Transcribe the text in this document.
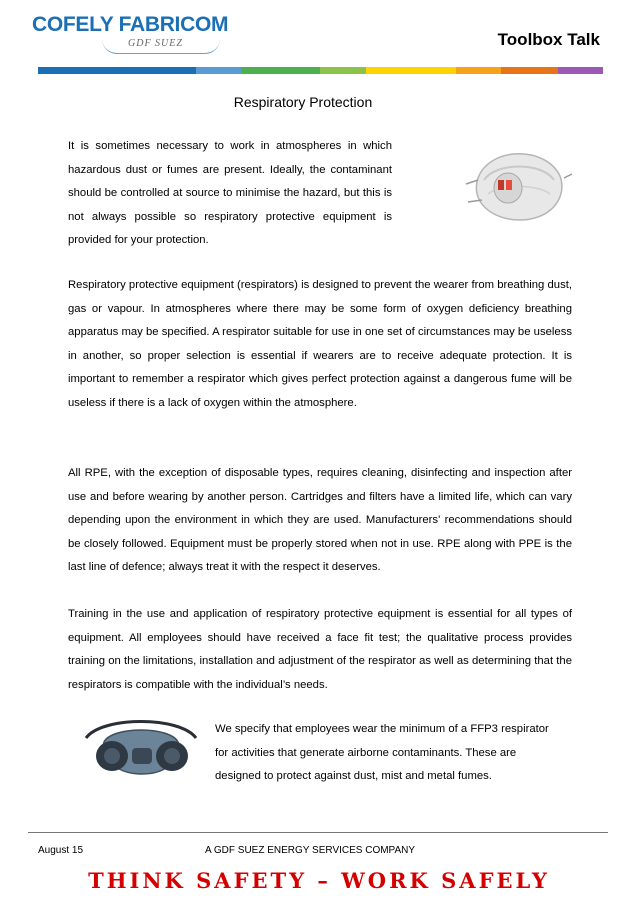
COFELY FABRICOM
GDF SUEZ	Toolbox Talk
Respiratory Protection

It is sometimes necessary to work in atmospheres in which hazardous dust or fumes are present. Ideally, the contaminant should be controlled at source to minimise the hazard, but this is not always possible so respiratory protective equipment is provided for your protection.

Respiratory protective equipment (respirators) is designed to prevent the wearer from breathing dust, gas or vapour. In atmospheres where there may be some form of oxygen deficiency breathing apparatus may be specified. A respirator suitable for use in one set of circumstances may be useless in another, so proper selection is essential if wearers are to receive adequate protection. It is important to remember a respirator which gives perfect protection against a dangerous fume will be useless if there is a lack of oxygen within the atmosphere.

All RPE, with the exception of disposable types, requires cleaning, disinfecting and inspection after use and before wearing by another person. Cartridges and filters have a limited life, which can vary depending upon the environment in which they are used. Manufacturers' recommendations should be closely followed. Equipment must be properly stored when not in use. RPE along with PPE is the last line of defence; always treat it with the respect it deserves.

Training in the use and application of respiratory protective equipment is essential for all types of equipment. All employees should have received a face fit test; the qualitative process provides training on the limitations, installation and adjustment of the respirator as well as determining that the respirators is compatible with the individual’s needs.

We specify that employees wear the minimum of a FFP3 respirator for activities that generate airborne contaminants. These are designed to protect against dust, mist and metal fumes.

August 15	A GDF SUEZ ENERGY SERVICES COMPANY
THINK SAFETY – WORK SAFELY
